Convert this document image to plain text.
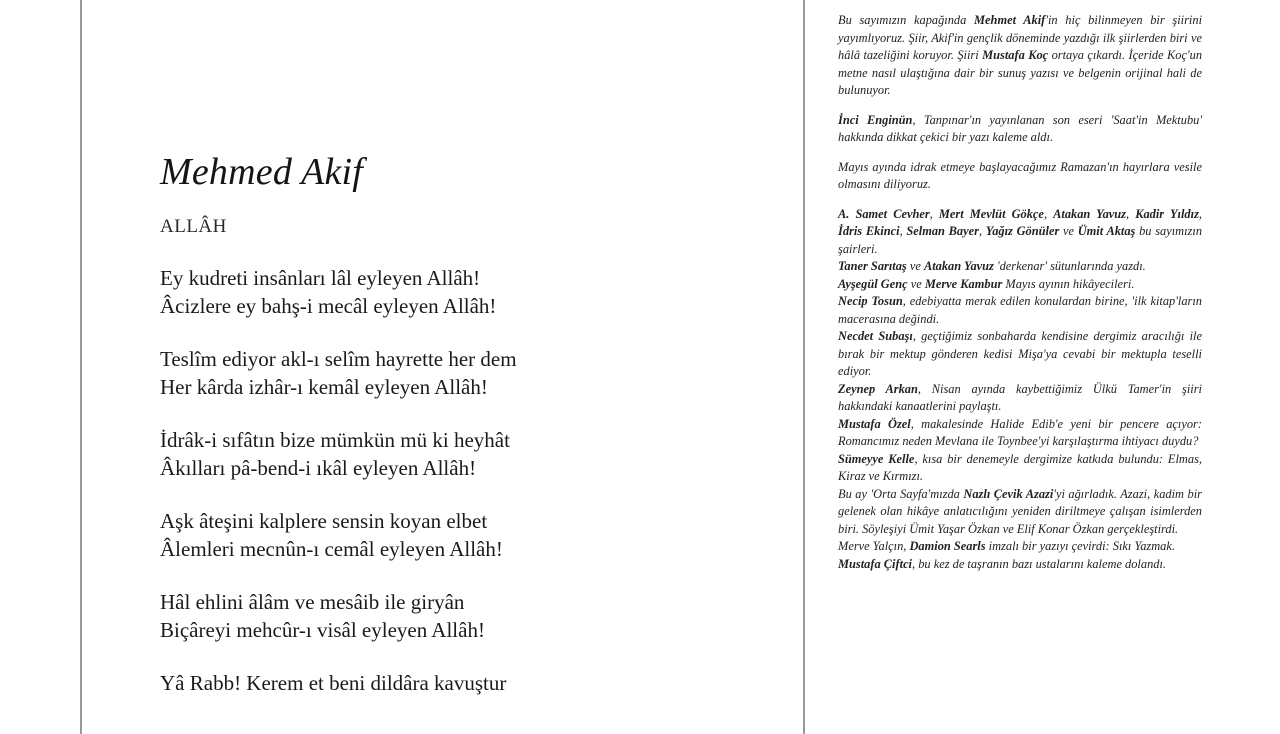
Mehmed Akif
ALLÂH
Ey kudreti insânları lâl eyleyen Allâh!
Âcizlere ey bahş-i mecâl eyleyen Allâh!
Teslîm ediyor akl-ı selîm hayrette her dem
Her kârda izhâr-ı kemâl eyleyen Allâh!
İdrâk-i sıfâtın bize mümkün mü ki heyhât
Âkılları pâ-bend-i ıkâl eyleyen Allâh!
Aşk âteşini kalplere sensin koyan elbet
Âlemleri mecnûn-ı cemâl eyleyen Allâh!
Hâl ehlini âlâm ve mesâib ile giryân
Biçâreyi mehcûr-ı visâl eyleyen Allâh!
Yâ Rabb! Kerem et beni dildâra kavuştur

Bu sayımızın kapağında Mehmet Akif'in hiç bilinmeyen bir şiirini yayımlıyoruz. Şiir, Akif'in gençlik döneminde yazdığı ilk şiirlerden biri ve hâlâ tazeliğini koruyor. Şiiri Mustafa Koç ortaya çıkardı. İçeride Koç'un metne nasıl ulaştığına dair bir sunuş yazısı ve belgenin orijinal hali de bulunuyor.

İnci Enginün, Tanpınar'ın yayınlanan son eseri 'Saat'in Mektubu' hakkında dikkat çekici bir yazı kaleme aldı.

Mayıs ayında idrak etmeye başlayacağımız Ramazan'ın hayırlara vesile olmasını diliyoruz.

A. Samet Cevher, Mert Mevlüt Gökçe, Atakan Yavuz, Kadir Yıldız, İdris Ekinci, Selman Bayer, Yağız Gönüler ve Ümit Aktaş bu sayımızın şairleri.

Taner Sarıtaş ve Atakan Yavuz 'derkenar' sütunlarında yazdı.

Ayşegül Genç ve Merve Kambur Mayıs ayının hikâyecileri.

Necip Tosun, edebiyatta merak edilen konulardan birine, 'ilk kitap'ların macerasına değindi.

Necdet Subaşı, geçtiğimiz sonbaharda kendisine dergimiz aracılığı ile bırak bir mektup gönderen kedisi Mişa'ya cevabi bir mektupla teselli ediyor.

Zeynep Arkan, Nisan ayında kaybettiğimiz Ülkü Tamer'in şiiri hakkındaki kanaatlerini paylaştı.

Mustafa Özel, makalesinde Halide Edib'e yeni bir pencere açıyor: Romancımız neden Mevlana ile Toynbee'yi karşılaştırma ihtiyacı duydu?

Sümeyye Kelle, kısa bir denemeyle dergimize katkıda bulundu: Elmas, Kiraz ve Kırmızı.

Bu ay 'Orta Sayfa'mızda Nazlı Çevik Azazi'yi ağırladık. Azazi, kadim bir gelenek olan hikâye anlatıcılığını yeniden diriltmeye çalışan isimlerden biri. Söyleşiyi Ümit Yaşar Özkan ve Elif Konar Özkan gerçekleştirdi.

Merve Yalçın, Damion Searls imzalı bir yazıyı çevirdi: Sıkı Yazmak.

Mustafa Çiftci, bu kez de taşranın bazı ustalarını kaleme dolandı.
